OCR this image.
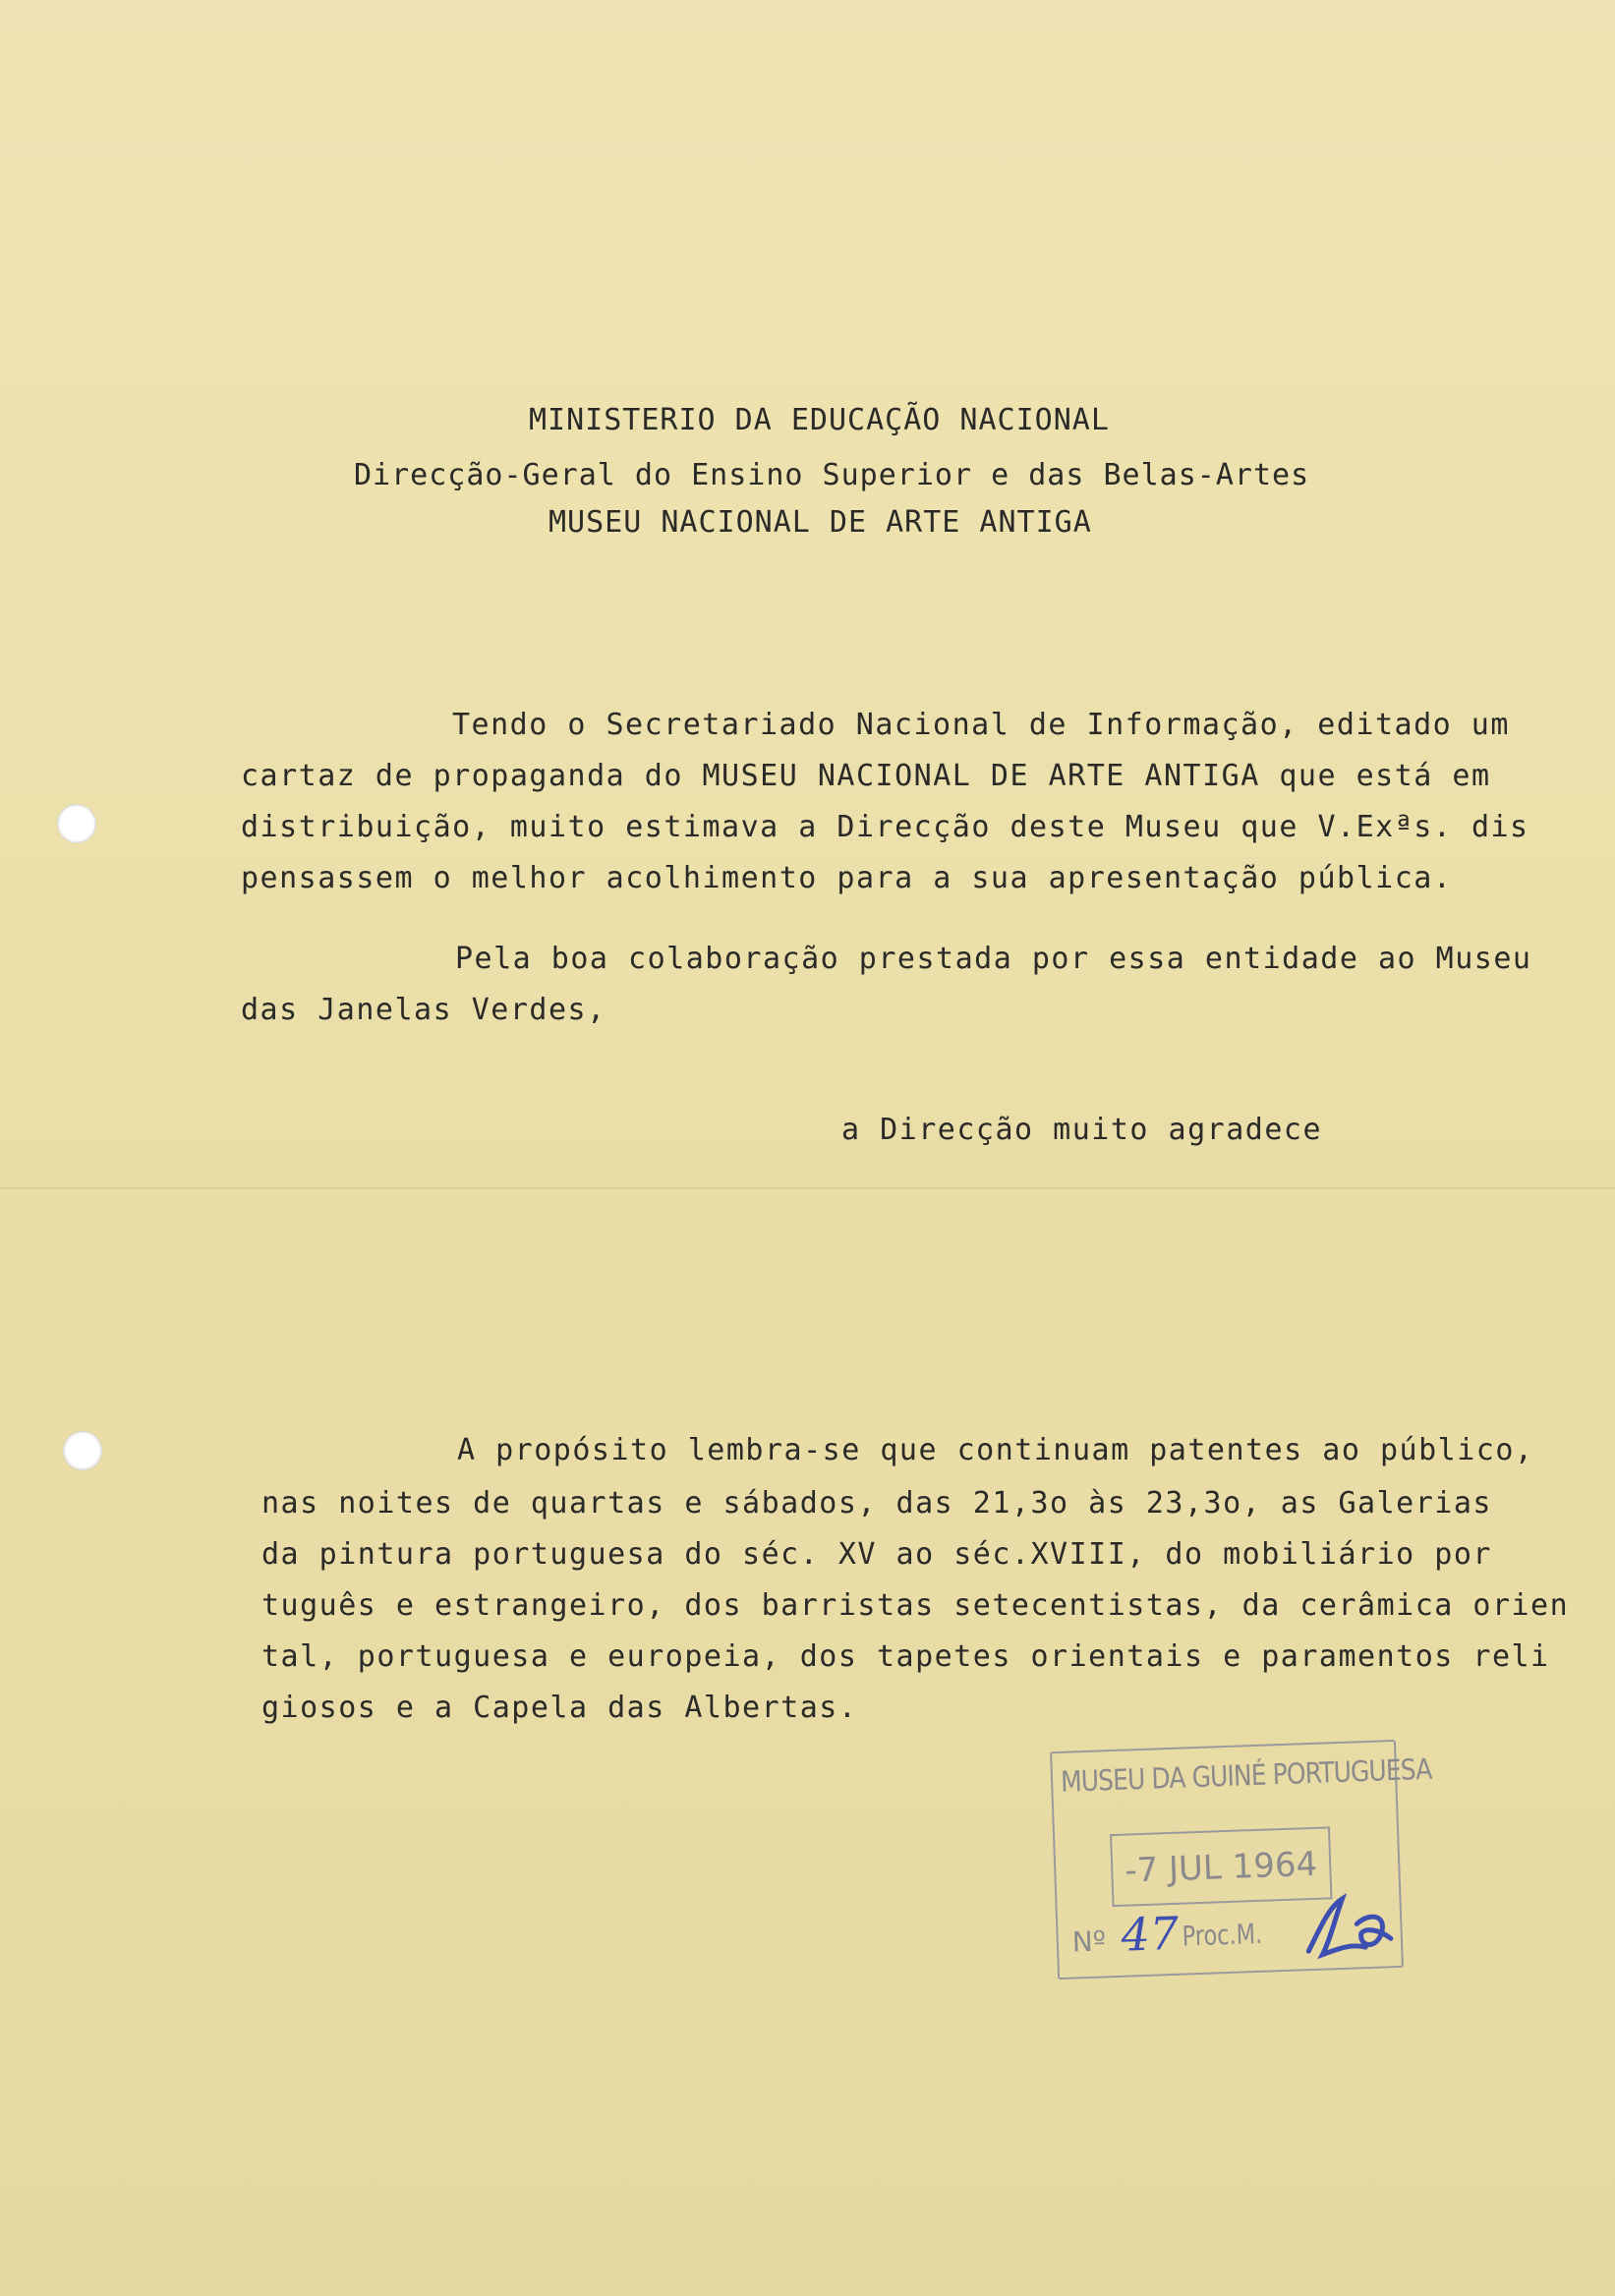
MINISTERIO DA EDUCAÇÃO NACIONAL
Direcção-Geral do Ensino Superior e das Belas-Artes
MUSEU NACIONAL DE ARTE ANTIGA
Tendo o Secretariado Nacional de Informação, editado um
cartaz de propaganda do MUSEU NACIONAL DE ARTE ANTIGA que está em
distribuição, muito estimava a Direcção deste Museu que V.Exªs. dis
pensassem o melhor acolhimento para a sua apresentação pública.
Pela boa colaboração prestada por essa entidade ao Museu
das Janelas Verdes,
a Direcção muito agradece
A propósito lembra-se que continuam patentes ao público,
nas noites de quartas e sábados, das 21,3o às 23,3o, as Galerias
da pintura portuguesa do séc. XV ao séc.XVIII, do mobiliário por
tuguês e estrangeiro, dos barristas setecentistas, da cerâmica orien
tal, portuguesa e europeia, dos tapetes orientais e paramentos reli
giosos e a Capela das Albertas.
MUSEU DA GUINÉ PORTUGUESA
-7 JUL 1964
Nº 47 Proc.M.
